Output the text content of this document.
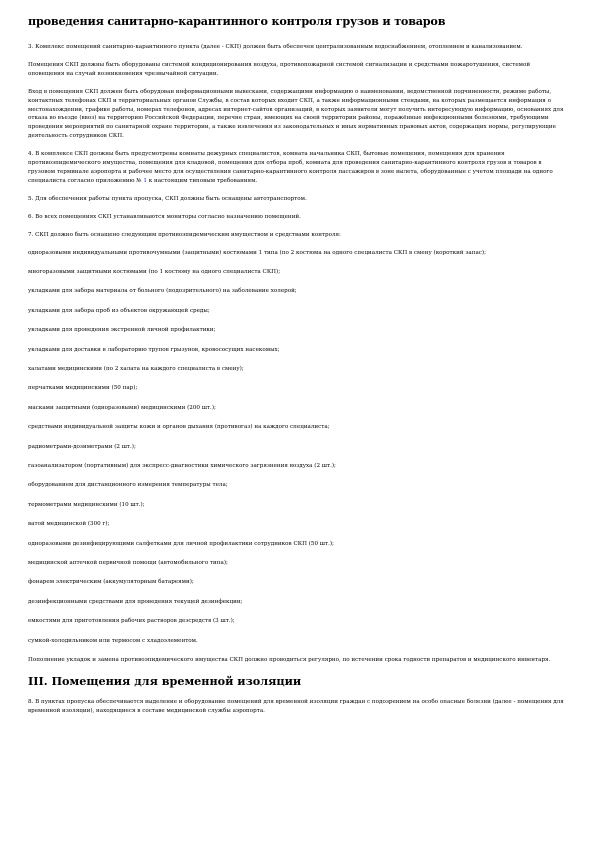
проведения санитарно-карантинного контроля грузов и товаров

3. Комплекс помещений санитарно-карантинного пункта (далее - СКП) должен быть обеспечен централизованным водоснабжением, отоплением и канализованием.

Помещения СКП должны быть оборудованы системой кондиционирования воздуха, противопожарной системой сигнализации и средствами пожаротушения, системой оповещения на случай возникновения чрезвычайной ситуации.

Вход в помещения СКП должен быть оборудован информационными вывесками, содержащими информацию о наименовании, ведомственной подчиненности, режиме работы, контактных телефонах СКП и территориальных органов Службы, в состав которых входит СКП, а также информационными стендами, на которых размещается информация о местонахождении, графике работы, номерах телефонов, адресах интернет-сайтов организаций, в которых заявители могут получить интересующую информацию, основаниях для отказа во въезде (ввоз) на территорию Российской Федерации, перечне стран, имеющих на своей территории районы, поражённые инфекционными болезнями, требующими проведения мероприятий по санитарной охране территории, а также извлечения из законодательных и иных нормативных правовых актов, содержащих нормы, регулирующие деятельность сотрудников СКП.

4. В комплексе СКП должны быть предусмотрены комнаты дежурных специалистов, комната начальника СКП, бытовые помещения, помещения для хранения противоэпидемического имущества, помещения для кладовой, помещения для отбора проб, комната для проведения санитарно-карантинного контроля грузов и товаров в грузовом терминале аэропорта и рабочее место для осуществления санитарно-карантинного контроля пассажиров в зоне вылета, оборудованные с учетом площади на одного специалиста согласно приложению № 1 к настоящим типовым требованиям.

5. Для обеспечения работы пункта пропуска, СКП должны быть оснащены автотранспортом.

6. Во всех помещениях СКП устанавливаются мониторы согласно назначению помещений.

7. СКП должно быть оснащено следующим противоэпидемическим имуществом и средствами контроля:

одноразовыми индивидуальными противочумными (защитными) костюмами 1 типа (по 2 костюма на одного специалиста СКП в смену (короткий запас);

многоразовыми защитными костюмами (по 1 костюму на одного специалиста СКП);

укладками для забора материала от больного (подозрительного) на заболевание холерой;

укладками для забора проб из объектов окружающей среды;

укладками для проведения экстренной личной профилактики;

укладками для доставки в лабораторию трупов грызунов, кровососущих насекомых;

халатами медицинскими (по 2 халата на каждого специалиста в смену);

перчатками медицинскими (50 пар);

масками защитными (одноразовыми) медицинскими (200 шт.);

средствами индивидуальной защиты кожи и органов дыхания (противогаз) на каждого специалиста;

радиометрами-дозиметрами (2 шт.);

газоанализатором (портативным) для экспресс-диагностики химического загрязнения воздуха (2 шт.);

оборудованием для дистанционного измерения температуры тела;

термометрами медицинскими (10 шт.);

ватой медицинской (300 г);

одноразовыми дезинфицирующими салфетками для личной профилактики сотрудников СКП (50 шт.);

медицинской аптечкой первичной помощи (автомобильного типа);

фонарем электрическим (аккумуляторным батареями);

дезинфекционными средствами для проведения текущей дезинфекции;

емкостями для приготовления рабочих растворов дезсредств (3 шт.);

сумкой-холодильником или термосом с хладоэлементом.

Пополнение укладок и замена противоэпидемического имущества СКП должно проводиться регулярно, по истечении срока годности препаратов и медицинского инвентаря.

III. Помещения для временной изоляции

8. В пунктах пропуска обеспечивается выделение и оборудование помещений для временной изоляции граждан с подозрением на особо опасные болезни (далее - помещения для временной изоляции), находящиеся в составе медицинской службы аэропорта.
